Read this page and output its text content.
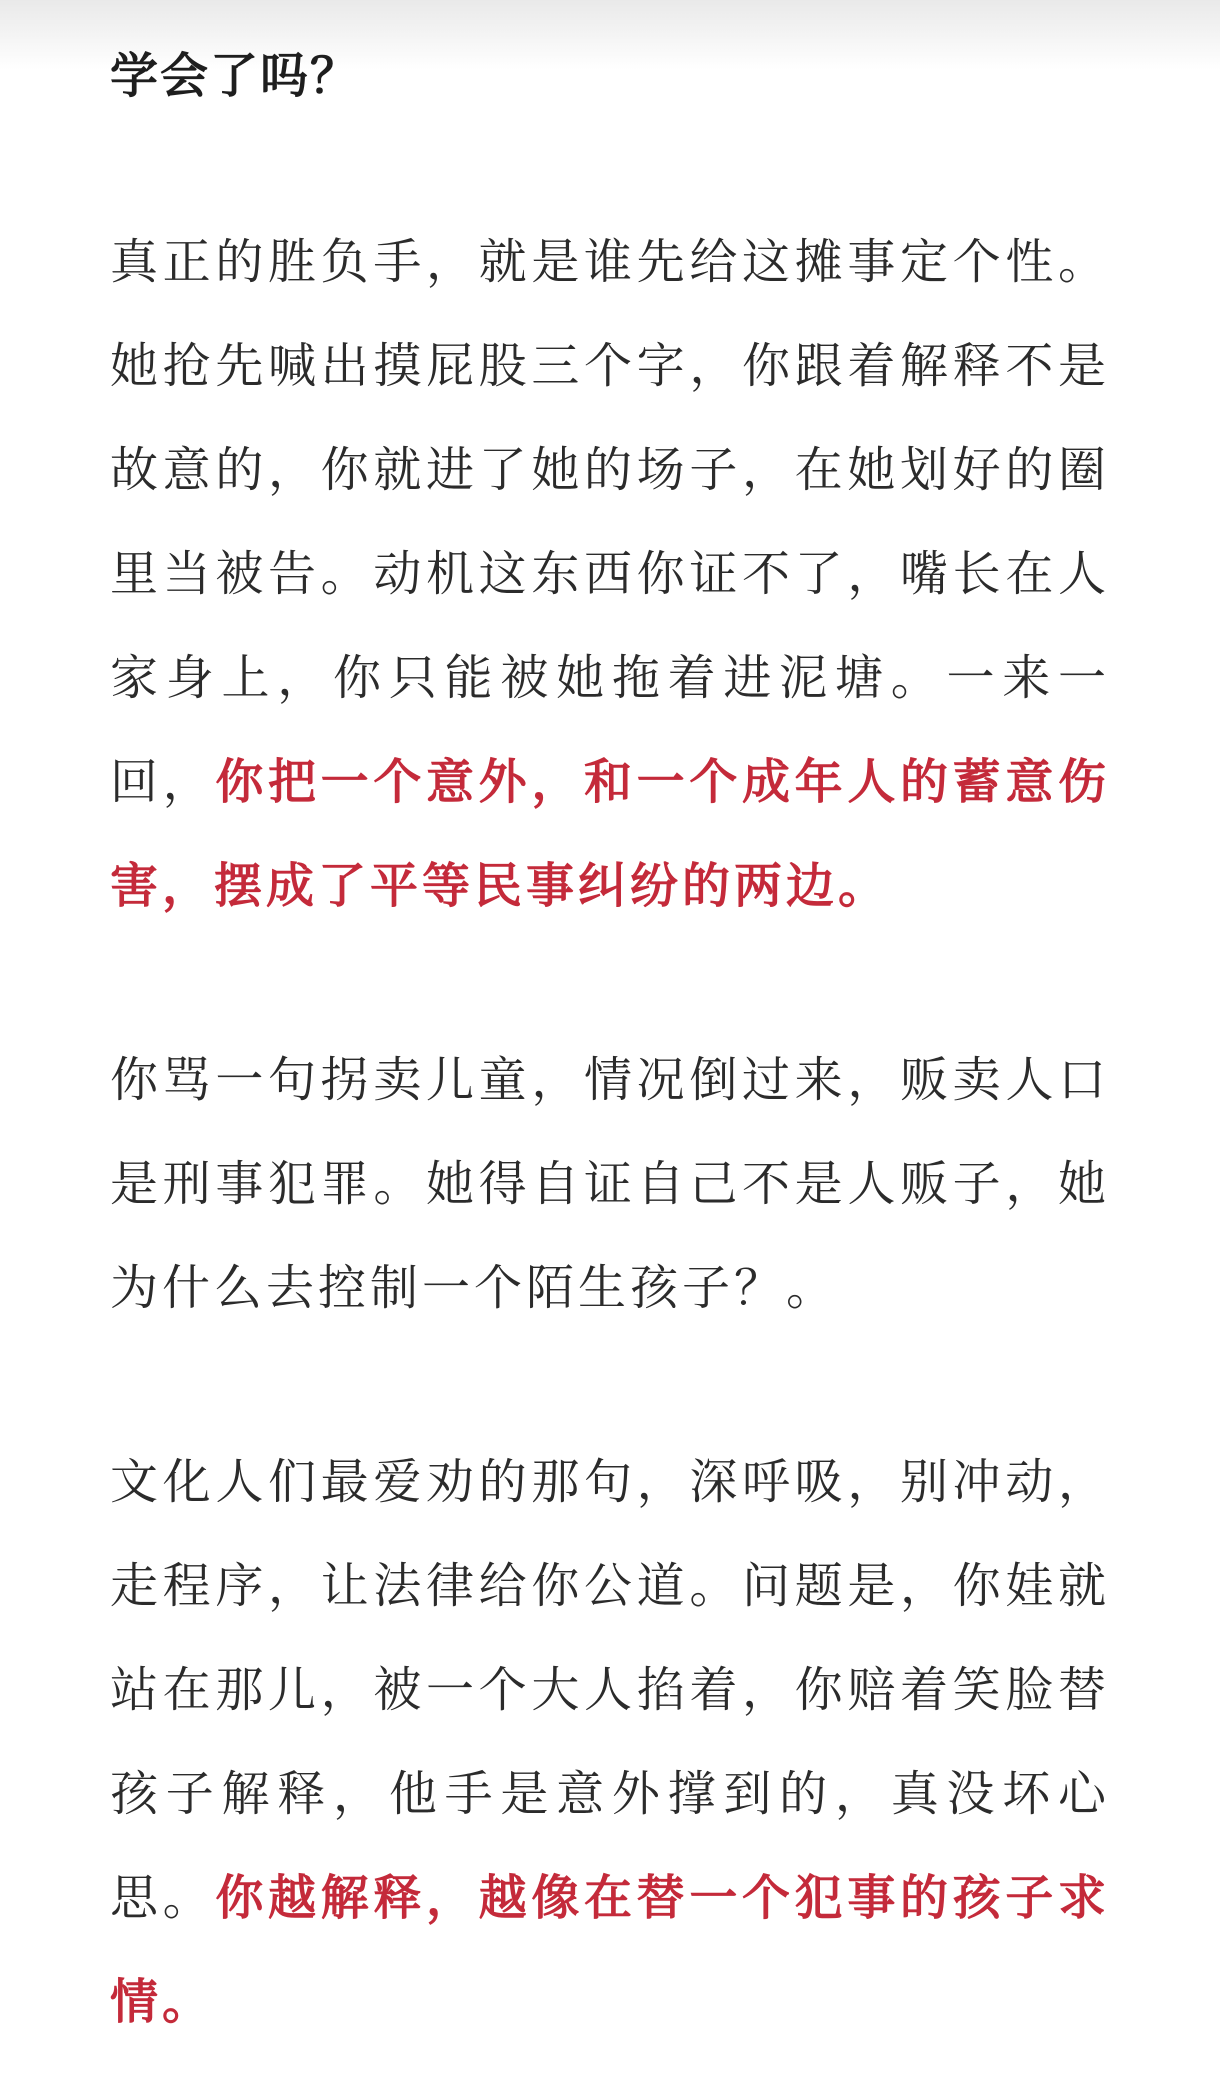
学会了吗？

真正的胜负手，就是谁先给这摊事定个性。她抢先喊出摸屁股三个字，你跟着解释不是故意的，你就进了她的场子，在她划好的圈里当被告。动机这东西你证不了，嘴长在人家身上，你只能被她拖着进泥塘。一来一回，你把一个意外，和一个成年人的蓄意伤害，摆成了平等民事纠纷的两边。

你骂一句拐卖儿童，情况倒过来，贩卖人口是刑事犯罪。她得自证自己不是人贩子，她为什么去控制一个陌生孩子？。

文化人们最爱劝的那句，深呼吸，别冲动，走程序，让法律给你公道。问题是，你娃就站在那儿，被一个大人掐着，你赔着笑脸替孩子解释，他手是意外撑到的，真没坏心思。你越解释，越像在替一个犯事的孩子求情。
